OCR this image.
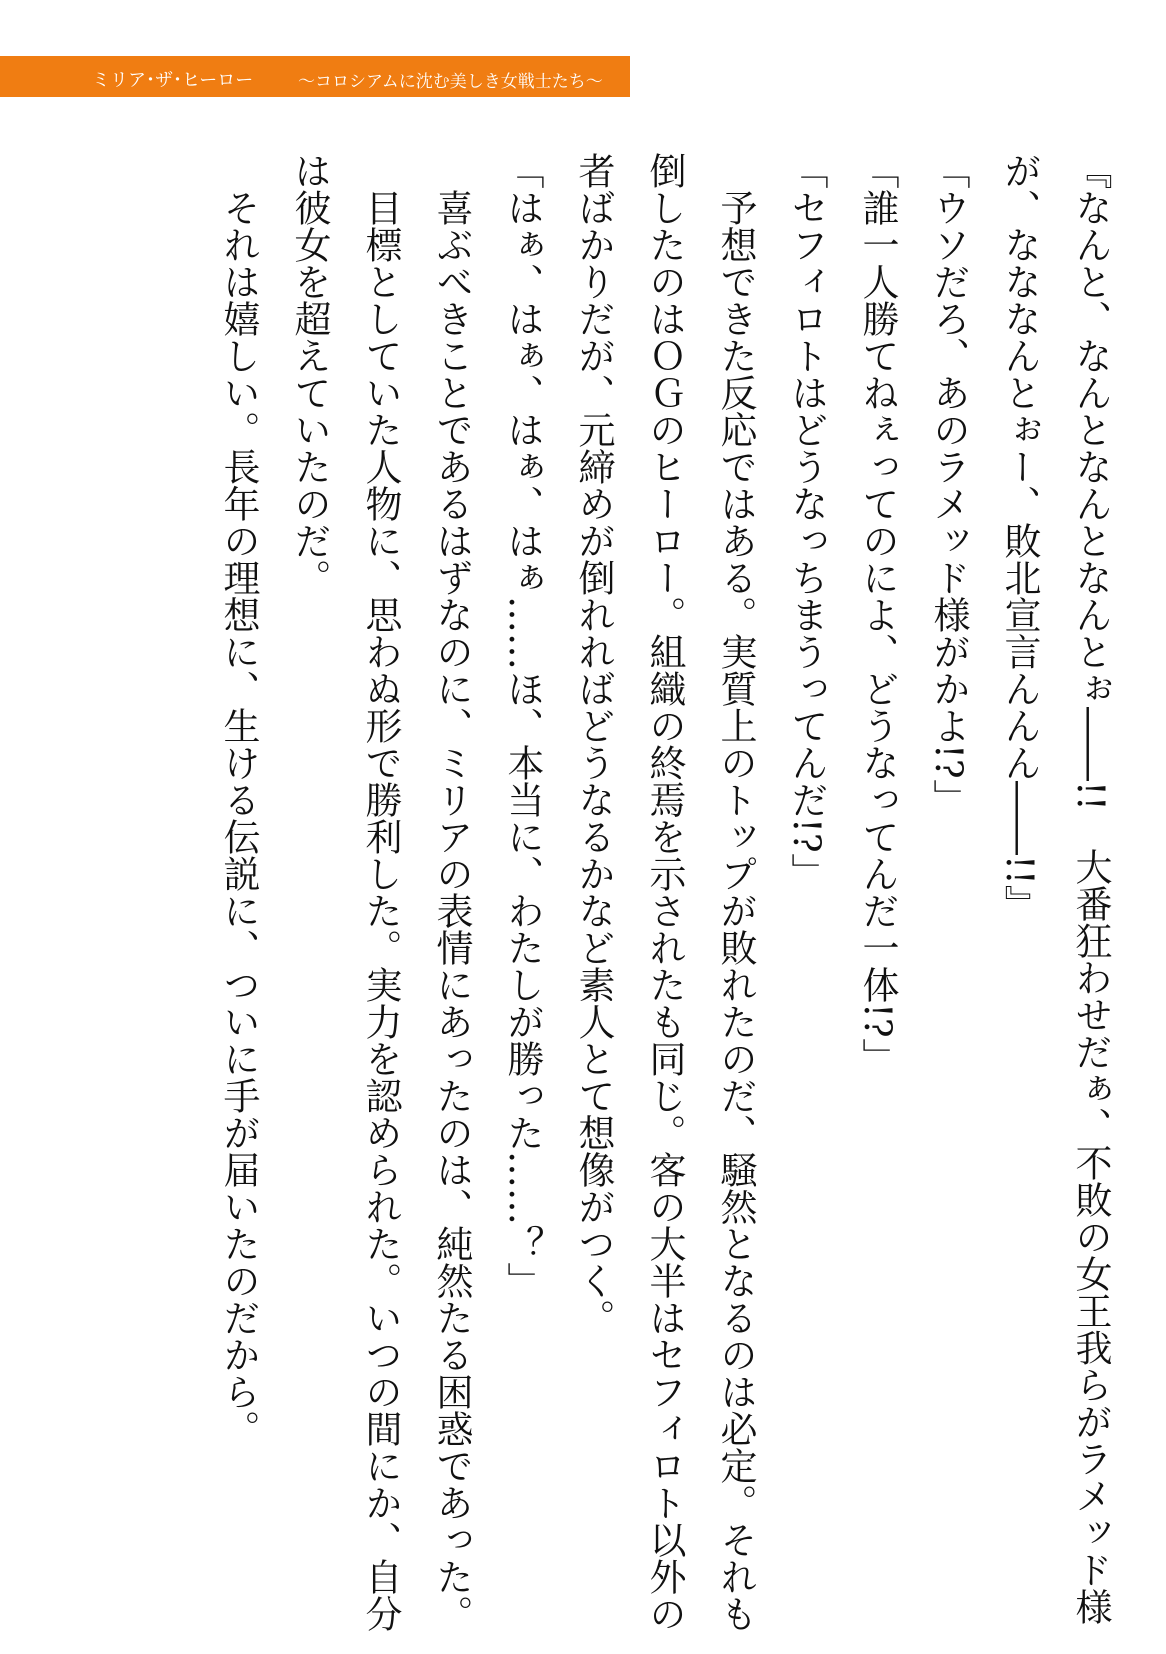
ミリア･ザ･ヒーロー	～コロシアムに沈む美しき女戦士たち～

『なんと、なんとなんとなんとぉ――!!　大番狂わせだぁ、不敗の女王我らがラメッド様が、なななんとぉー、敗北宣言んんん――!!』

「ウソだろ、あのラメッド様がかよ!?」

「誰一人勝てねぇってのによ、どうなってんだ一体!?」

「セフィロトはどうなっちまうってんだ!?」

予想できた反応ではある。実質上のトップが敗れたのだ、騒然となるのは必定。それも倒したのはＯＧのヒーロー。組織の終焉を示されたも同じ。客の大半はセフィロト以外の者ばかりだが、元締めが倒れればどうなるかなど素人とて想像がつく。

「はぁ、はぁ、はぁ、はぁ……ほ、本当に、わたしが勝った……？」

喜ぶべきことであるはずなのに、ミリアの表情にあったのは、純然たる困惑であった。

目標としていた人物に、思わぬ形で勝利した。実力を認められた。いつの間にか、自分は彼女を超えていたのだ。

それは嬉しい。長年の理想に、生ける伝説に、ついに手が届いたのだから。
